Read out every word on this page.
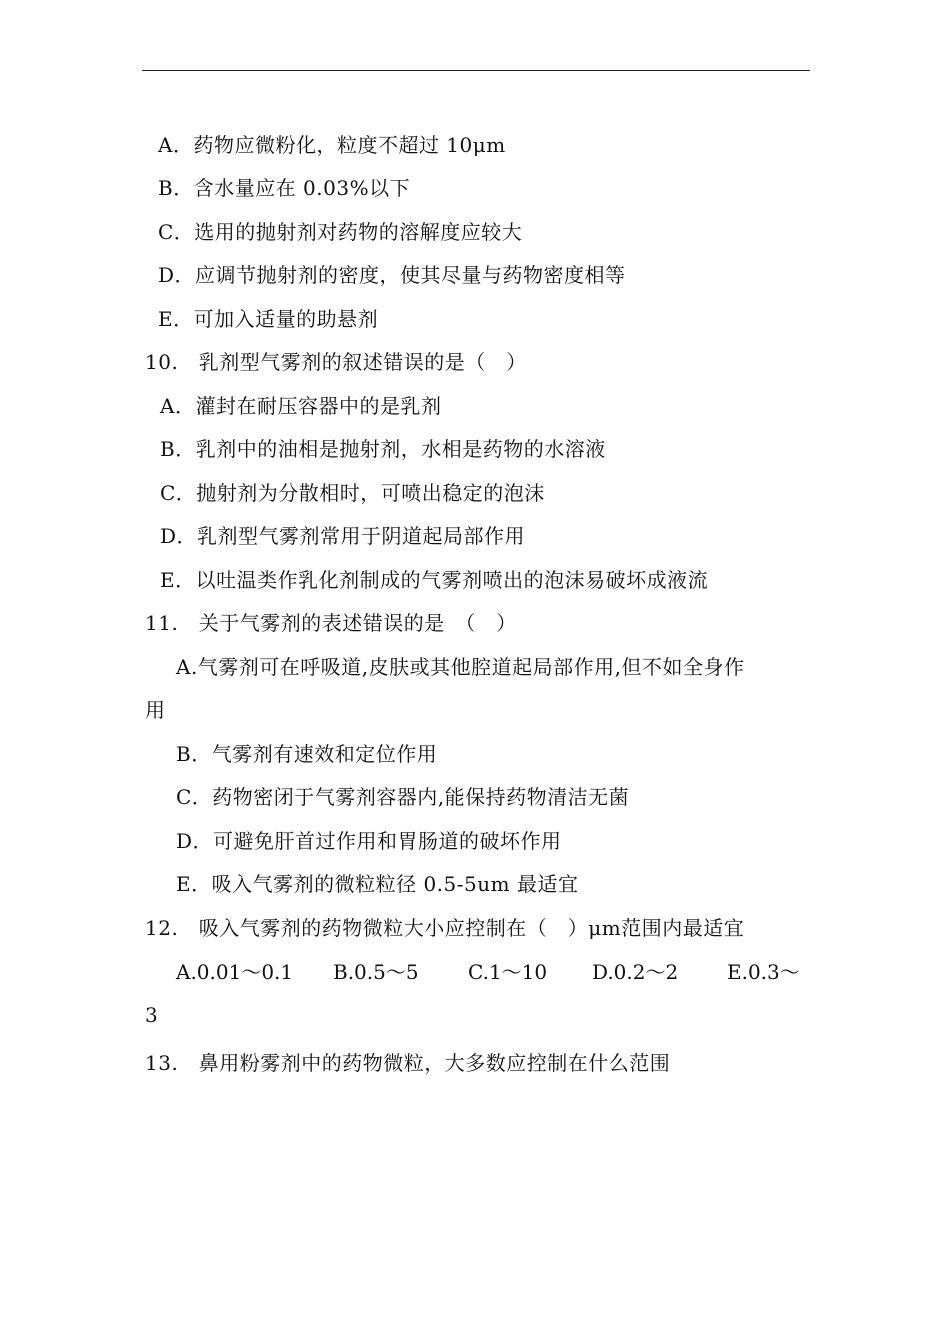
A．药物应微粉化，粒度不超过 10μm
B．含水量应在 0.03%以下
C．选用的抛射剂对药物的溶解度应较大
D．应调节抛射剂的密度，使其尽量与药物密度相等
E．可加入适量的助悬剂
10.　乳剂型气雾剂的叙述错误的是（　）
A．灌封在耐压容器中的是乳剂
B．乳剂中的油相是抛射剂，水相是药物的水溶液
C．抛射剂为分散相时，可喷出稳定的泡沫
D．乳剂型气雾剂常用于阴道起局部作用
E．以吐温类作乳化剂制成的气雾剂喷出的泡沫易破坏成液流
11.　关于气雾剂的表述错误的是　（　）
A.气雾剂可在呼吸道,皮肤或其他腔道起局部作用,但不如全身作
用
B．气雾剂有速效和定位作用
C．药物密闭于气雾剂容器内,能保持药物清洁无菌
D．可避免肝首过作用和胃肠道的破坏作用
E．吸入气雾剂的微粒粒径 0.5-5um 最适宜
12.　吸入气雾剂的药物微粒大小应控制在（　）μm范围内最适宜
A.0.01～0.1 B.0.5～5 C.1～10 D.0.2～2 E.0.3～
3
13.　鼻用粉雾剂中的药物微粒，大多数应控制在什么范围
